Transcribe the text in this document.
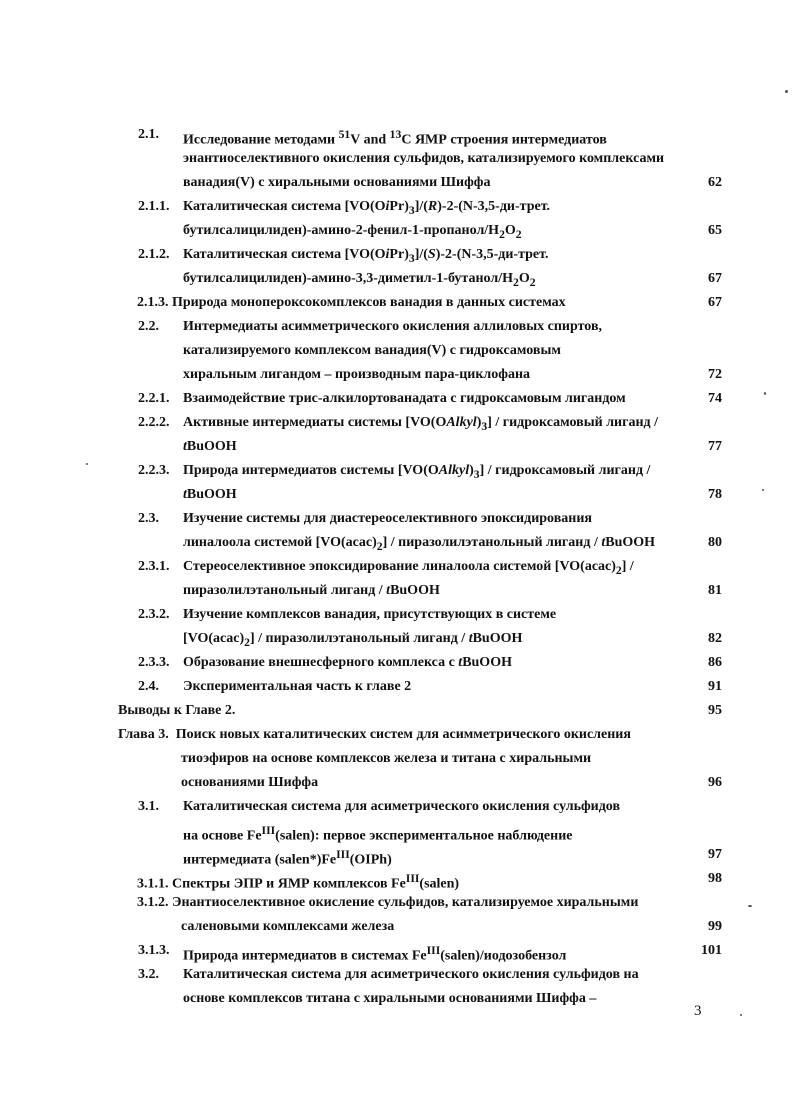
2.1. Исследование методами $^{51}$V and $^{13}$C ЯМР строения интермедиатов
энантиоселективного окисления сульфидов, катализируемого комплексами
ванадия(V) с хиральными основаниями Шиффа	62
2.1.1. Каталитическая система $[VO(OiPr)_3]/(R)-2-(N-3,5-ди$-трет.
$бутилсалицилиден)-амино-2-фенил-1-пропанол/H_2O_2$	65
2.1.2. Каталитическая система $[VO(OiPr)_3]/(S)-2-(N-3,5-ди$-трет.
$бутилсалицилиден)-амино-3,3-диметил-1-бутанол/H_2O_2$	67
2.1.3. Природа монопероксокомплексов ванадия в данных системах	67
2.2. Интермедиаты асимметрического окисления аллиловых спиртов,
катализируемого комплексом ванадия(V) с гидроксамовым
хиральным лигандом – производным пара-циклофана	72
2.2.1. Взаимодействие трис-алкилортованадата с гидроксамовым лигандом	74
2.2.2. Активные интермедиаты системы $[VO(OAlkyl)_3]$ / гидроксамовый лиганд /
tBuOOH	77
2.2.3. Природа интермедиатов системы $[VO(OAlkyl)_3]$ / гидроксамовый лиганд /
tBuOOH	78
2.3. Изучение системы для диастереоселективного эпоксидирования
линалоола системой $[VO(acac)_2]$ / пиразолилэтанольный лиганд / tBuOOH	80
2.3.1. Стереоселективное эпоксидирование линалоола системой $[VO(acac)_2]$ /
пиразолилэтанольный лиганд / tBuOOH	81
2.3.2. Изучение комплексов ванадия, присутствующих в системе
$[VO(acac)_2]$ / пиразолилэтанольный лиганд / tBuOOH	82
2.3.3. Образование внешнесферного комплекса с tBuOOH	86
2.4. Экспериментальная часть к главе 2	91
Выводы к Главе 2.	95
Глава 3.  Поиск новых каталитических систем для асимметрического окисления
тиоэфиров на основе комплексов железа и титана с хиральными
основаниями Шиффа	96
3.1. Каталитическая система для асиметрического окисления сульфидов
на основе $Fe^{III}(salen)$: первое экспериментальное наблюдение
интермедиата $(salen*)Fe^{III}(OIPh)$	97
3.1.1. Спектры ЭПР и ЯМР комплексов $Fe^{III}(salen)$	98
3.1.2. Энантиоселективное окисление сульфидов, катализируемое хиральными
саленовыми комплексами железа	99
3.1.3. Природа интермедиатов в системах $Fe^{III}(salen)$/иодозобензол	101
3.2. Каталитическая система для асиметрического окисления сульфидов на
основе комплексов титана с хиральными основаниями Шиффа –
3
